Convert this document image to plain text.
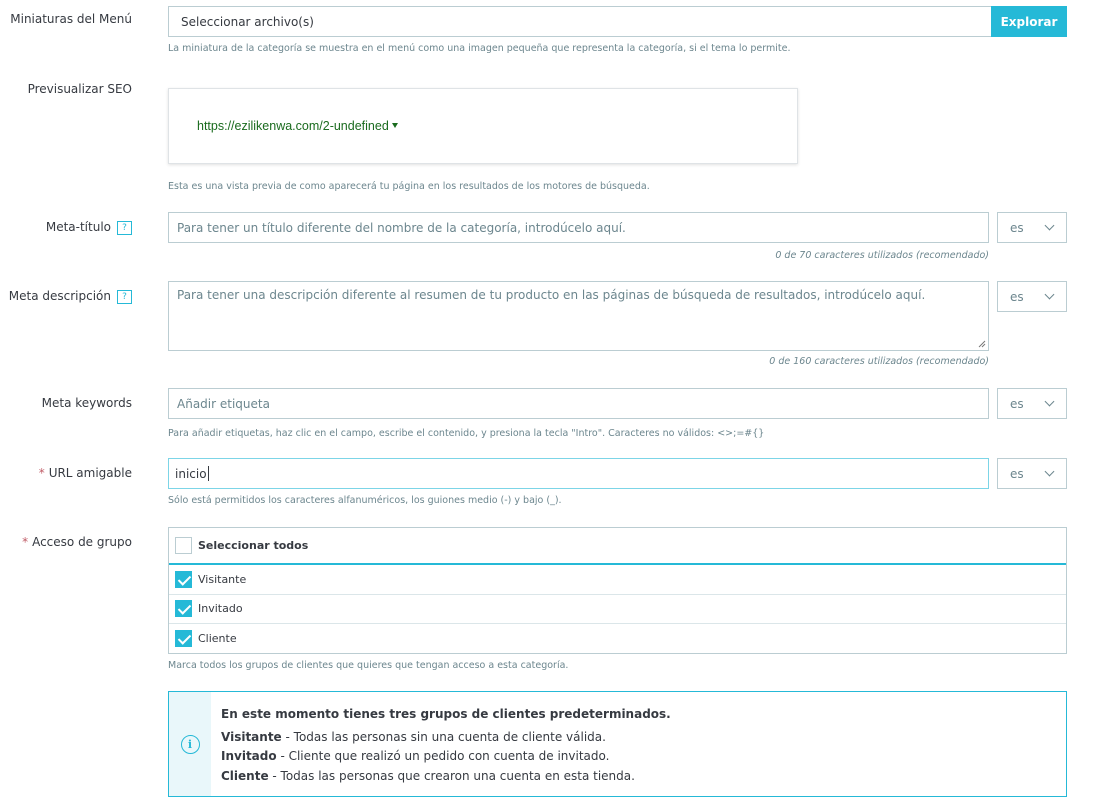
Miniaturas del Menú	Seleccionar archivo(s)	Explorar
La miniatura de la categoría se muestra en el menú como una imagen pequeña que representa la categoría, si el tema lo permite.
Previsualizar SEO
https://ezilikenwa.com/2-undefined
Esta es una vista previa de como aparecerá tu página en los resultados de los motores de búsqueda.
Meta-título ?	Para tener un título diferente del nombre de la categoría, introdúcelo aquí.	es
0 de 70 caracteres utilizados (recomendado)
Meta descripción ?	Para tener una descripción diferente al resumen de tu producto en las páginas de búsqueda de resultados, introdúcelo aquí.	es
0 de 160 caracteres utilizados (recomendado)
Meta keywords	Añadir etiqueta	es
Para añadir etiquetas, haz clic en el campo, escribe el contenido, y presiona la tecla "Intro". Caracteres no válidos: <>;=#{}
* URL amigable	inicio	es
Sólo está permitidos los caracteres alfanuméricos, los guiones medio (-) y bajo (_).
* Acceso de grupo	Seleccionar todos
Visitante
Invitado
Cliente
Marca todos los grupos de clientes que quieres que tengan acceso a esta categoría.
i
En este momento tienes tres grupos de clientes predeterminados.
Visitante - Todas las personas sin una cuenta de cliente válida.
Invitado - Cliente que realizó un pedido con cuenta de invitado.
Cliente - Todas las personas que crearon una cuenta en esta tienda.
